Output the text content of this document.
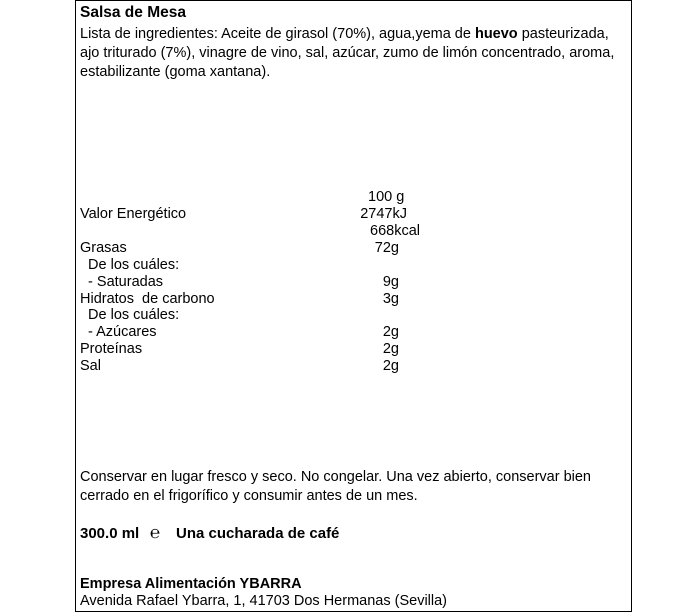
Salsa de Mesa
Lista de ingredientes: Aceite de girasol (70%), agua,yema de huevo pasteurizada, ajo triturado (7%), vinagre de vino, sal, azúcar, zumo de limón concentrado, aroma, estabilizante (goma xantana).
100 g
Valor Energético	2747kJ
668kcal
Grasas	72g
De los cuáles:
- Saturadas	9g
Hidratos  de carbono	3g
De los cuáles:
- Azúcares	2g
Proteínas	2g
Sal	2g
Conservar en lugar fresco y seco. No congelar. Una vez abierto, conservar bien cerrado en el frigorífico y consumir antes de un mes.
300.0 ml ℮ Una cucharada de café
Empresa Alimentación YBARRA
Avenida Rafael Ybarra, 1, 41703 Dos Hermanas (Sevilla)
